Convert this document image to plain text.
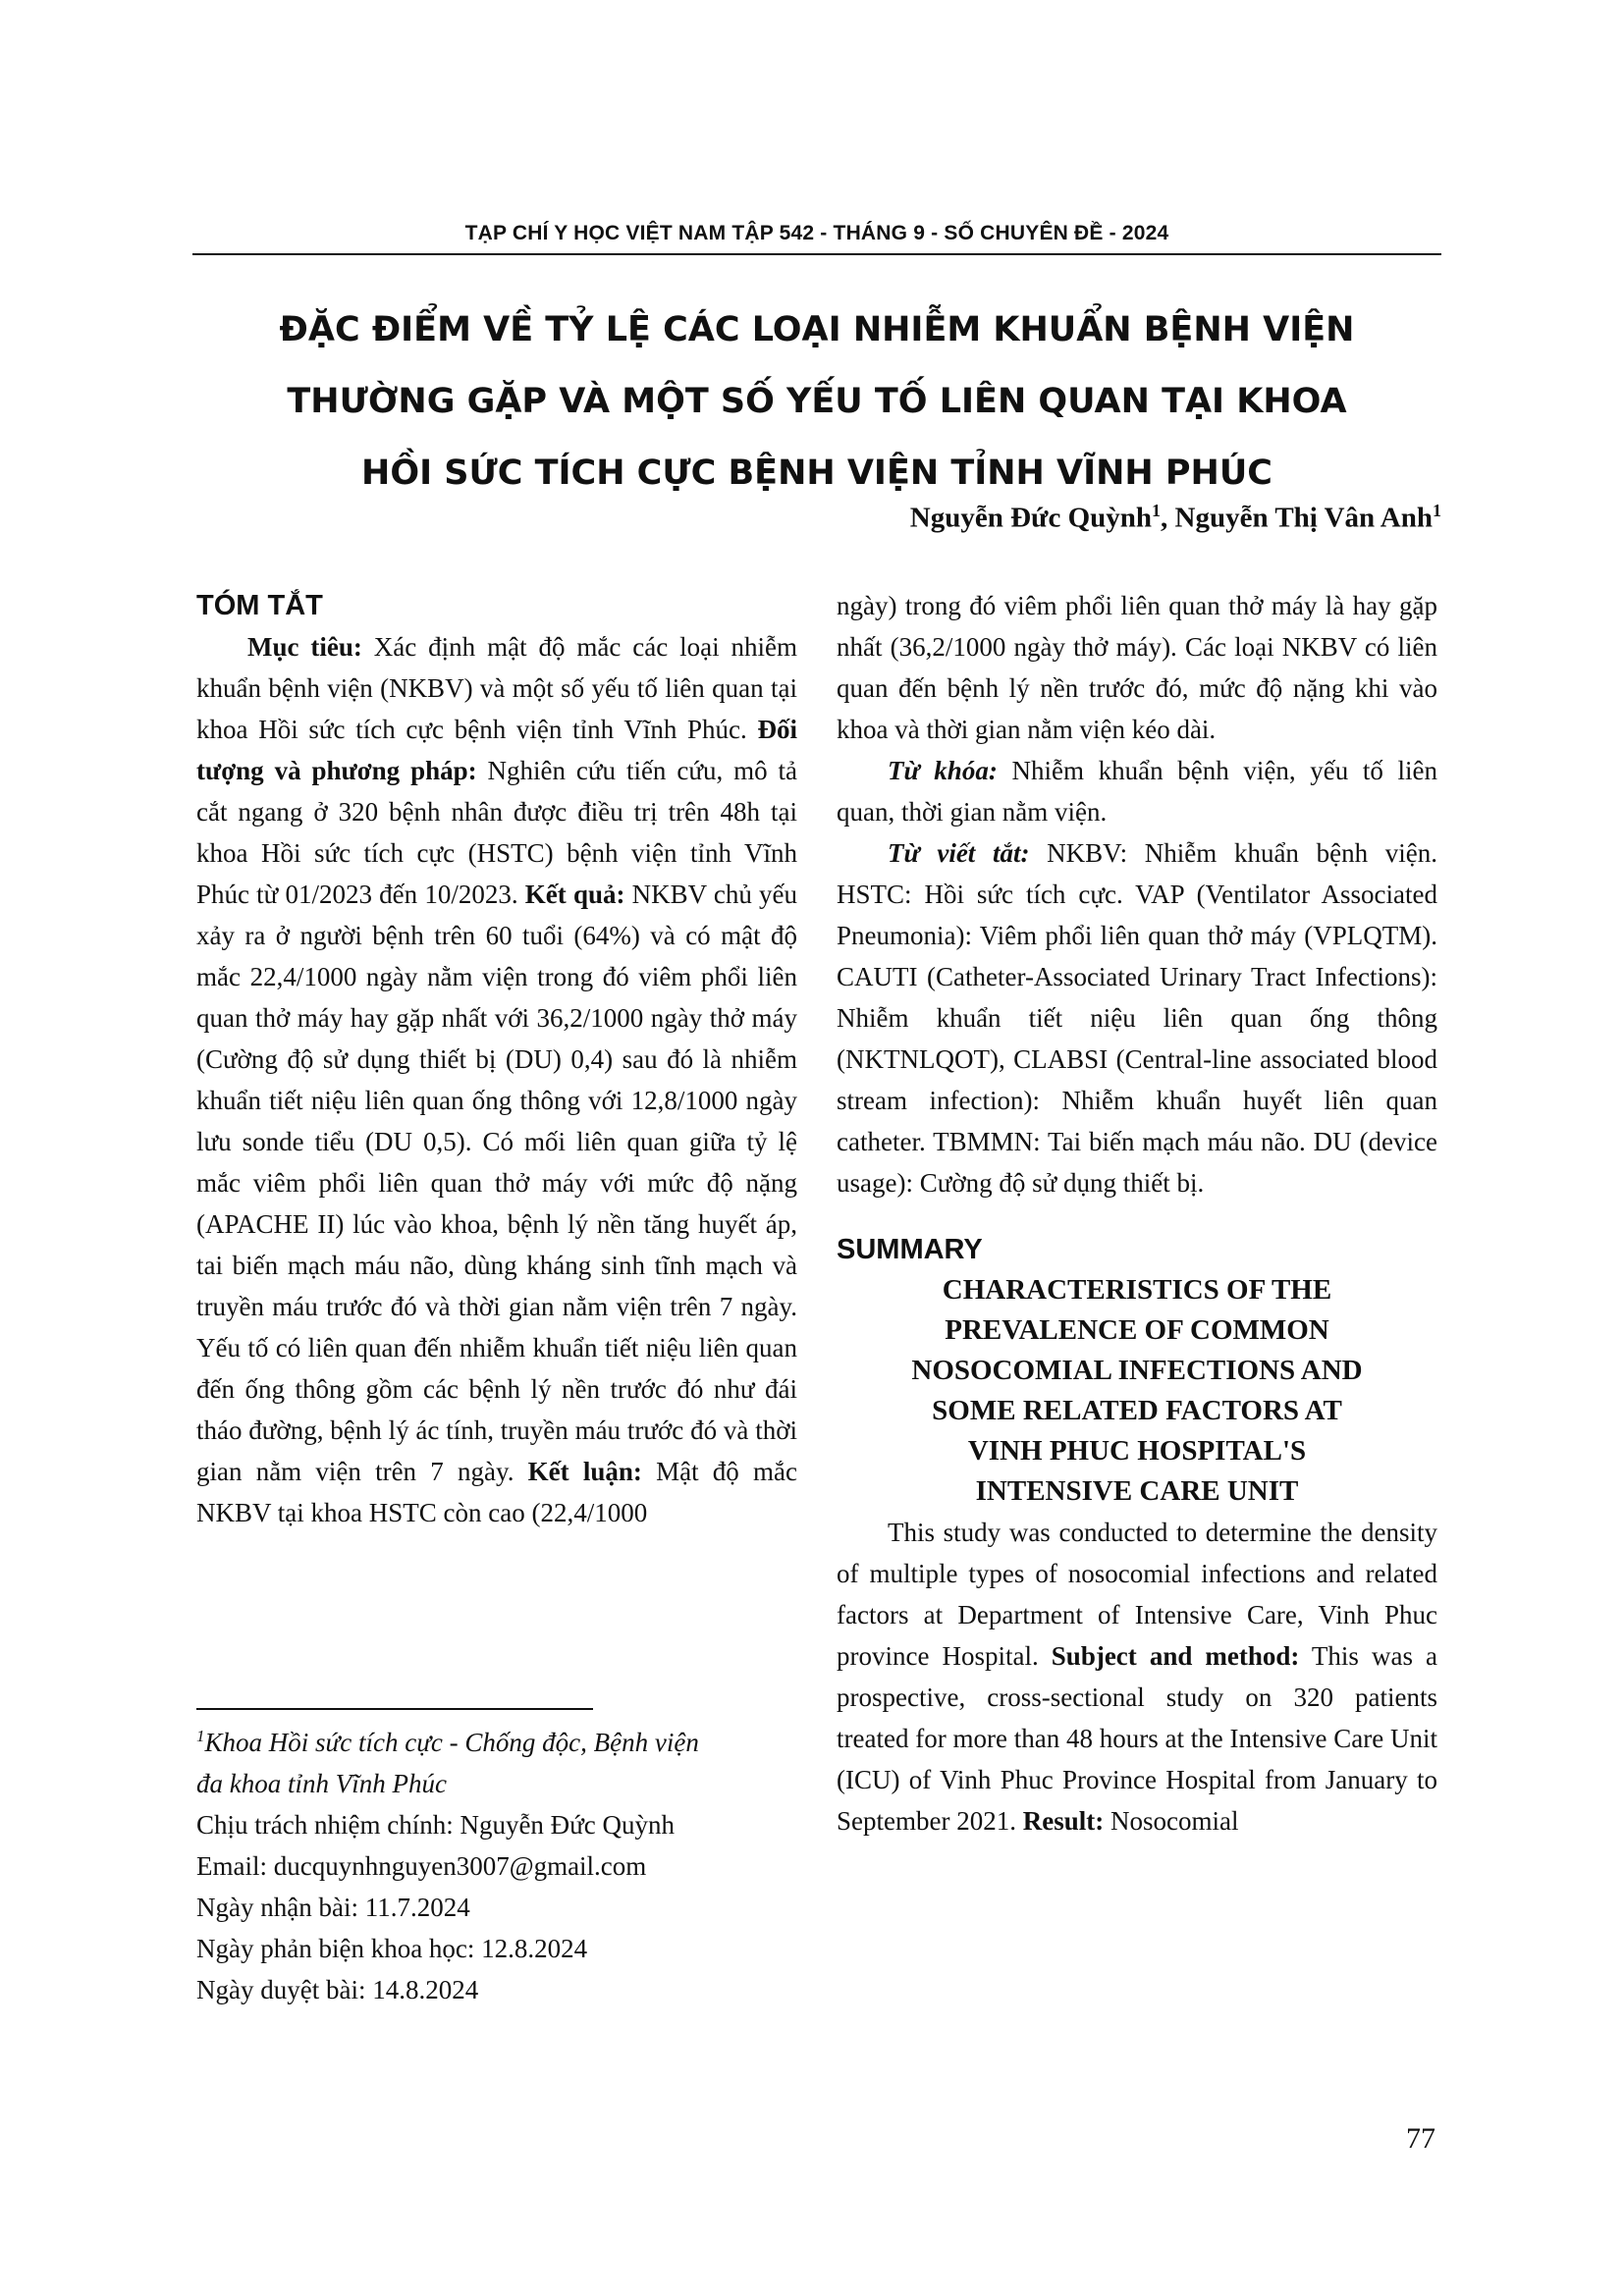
TẠP CHÍ Y HỌC VIỆT NAM TẬP 542 - THÁNG 9 - SỐ CHUYÊN ĐỀ - 2024
ĐẶC ĐIỂM VỀ TỶ LỆ CÁC LOẠI NHIỄM KHUẨN BỆNH VIỆN
THƯỜNG GẶP VÀ MỘT SỐ YẾU TỐ LIÊN QUAN TẠI KHOA
HỒI SỨC TÍCH CỰC BỆNH VIỆN TỈNH VĨNH PHÚC
Nguyễn Đức Quỳnh$^1$, Nguyễn Thị Vân Anh$^1$
TÓM TẮT

Mục tiêu: Xác định mật độ mắc các loại nhiễm khuẩn bệnh viện (NKBV) và một số yếu tố liên quan tại khoa Hồi sức tích cực bệnh viện tỉnh Vĩnh Phúc. Đối tượng và phương pháp: Nghiên cứu tiến cứu, mô tả cắt ngang ở 320 bệnh nhân được điều trị trên 48h tại khoa Hồi sức tích cực (HSTC) bệnh viện tỉnh Vĩnh Phúc từ 01/2023 đến 10/2023. Kết quả: NKBV chủ yếu xảy ra ở người bệnh trên 60 tuổi (64%) và có mật độ mắc 22,4/1000 ngày nằm viện trong đó viêm phổi liên quan thở máy hay gặp nhất với 36,2/1000 ngày thở máy (Cường độ sử dụng thiết bị (DU) 0,4) sau đó là nhiễm khuẩn tiết niệu liên quan ống thông với 12,8/1000 ngày lưu sonde tiểu (DU 0,5). Có mối liên quan giữa tỷ lệ mắc viêm phổi liên quan thở máy với mức độ nặng (APACHE II) lúc vào khoa, bệnh lý nền tăng huyết áp, tai biến mạch máu não, dùng kháng sinh tĩnh mạch và truyền máu trước đó và thời gian nằm viện trên 7 ngày. Yếu tố có liên quan đến nhiễm khuẩn tiết niệu liên quan đến ống thông gồm các bệnh lý nền trước đó như đái tháo đường, bệnh lý ác tính, truyền máu trước đó và thời gian nằm viện trên 7 ngày. Kết luận: Mật độ mắc NKBV tại khoa HSTC còn cao (22,4/1000

$^1$Khoa Hồi sức tích cực - Chống độc, Bệnh viện
đa khoa tỉnh Vĩnh Phúc
Chịu trách nhiệm chính: Nguyễn Đức Quỳnh
Email: ducquynhnguyen3007@gmail.com
Ngày nhận bài: 11.7.2024
Ngày phản biện khoa học: 12.8.2024
Ngày duyệt bài: 14.8.2024

ngày) trong đó viêm phổi liên quan thở máy là hay gặp nhất (36,2/1000 ngày thở máy). Các loại NKBV có liên quan đến bệnh lý nền trước đó, mức độ nặng khi vào khoa và thời gian nằm viện kéo dài.

Từ khóa: Nhiễm khuẩn bệnh viện, yếu tố liên quan, thời gian nằm viện.

Từ viết tắt: NKBV: Nhiễm khuẩn bệnh viện. HSTC: Hồi sức tích cực. VAP (Ventilator Associated Pneumonia): Viêm phổi liên quan thở máy (VPLQTM). CAUTI (Catheter-Associated Urinary Tract Infections): Nhiễm khuẩn tiết niệu liên quan ống thông (NKTNLQOT), CLABSI (Central-line associated blood stream infection): Nhiễm khuẩn huyết liên quan catheter. TBMMN: Tai biến mạch máu não. DU (device usage): Cường độ sử dụng thiết bị.

SUMMARY
CHARACTERISTICS OF THE
PREVALENCE OF COMMON
NOSOCOMIAL INFECTIONS AND
SOME RELATED FACTORS AT
VINH PHUC HOSPITAL'S
INTENSIVE CARE UNIT

This study was conducted to determine the density of multiple types of nosocomial infections and related factors at Department of Intensive Care, Vinh Phuc province Hospital. Subject and method: This was a prospective, cross-sectional study on 320 patients treated for more than 48 hours at the Intensive Care Unit (ICU) of Vinh Phuc Province Hospital from January to September 2021. Result: Nosocomial

77
